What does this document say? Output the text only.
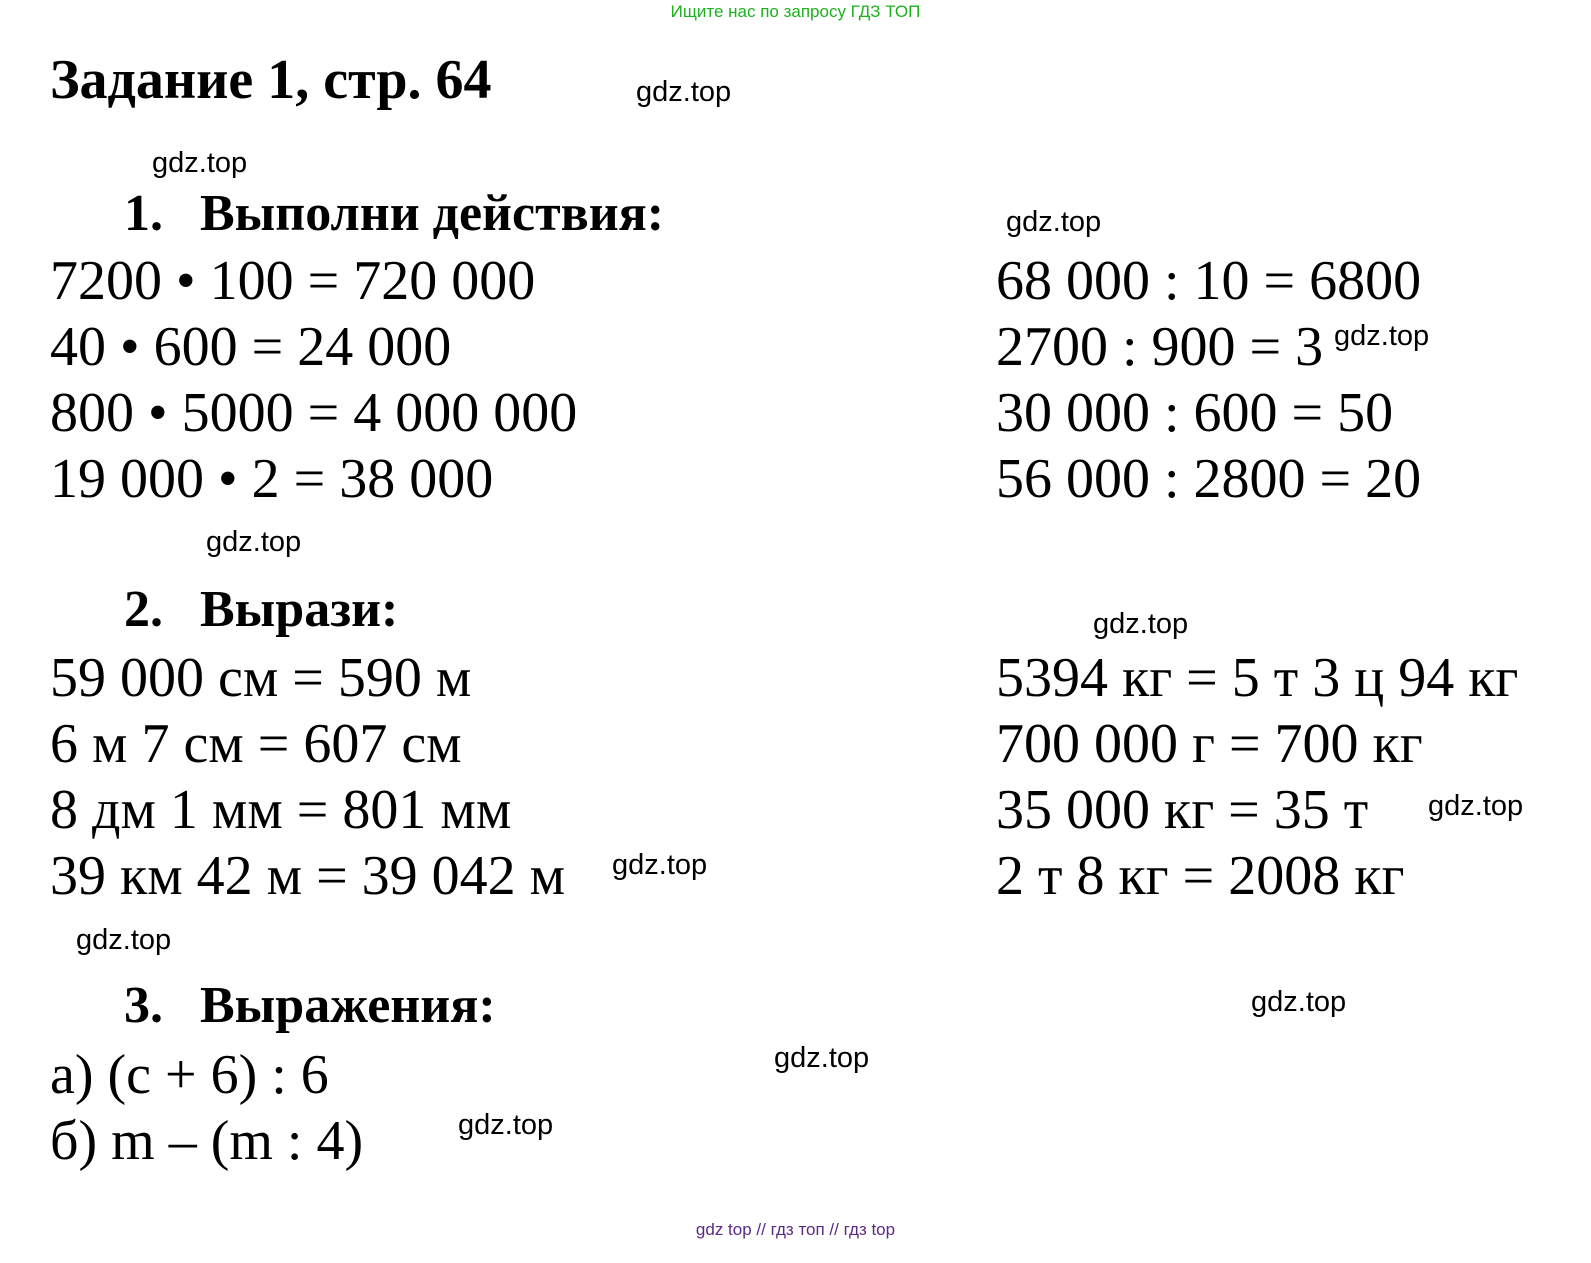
Ищите нас по запросу ГДЗ ТОП
Задание 1, стр. 64
1. Выполни действия:
7200 • 100 = 720 000
40 • 600 = 24 000
800 • 5000 = 4 000 000
19 000 • 2 = 38 000
68 000 : 10 = 6800
2700 : 900 = 3
30 000 : 600 = 50
56 000 : 2800 = 20
2. Вырази:
59 000 см = 590 м
6 м 7 см = 607 см
8 дм 1 мм = 801 мм
39 км 42 м = 39 042 м
5394 кг = 5 т 3 ц 94 кг
700 000 г = 700 кг
35 000 кг = 35 т
2 т 8 кг = 2008 кг
3. Выражения:
а) (c + 6) : 6
б) m – (m : 4)
gdz.top
gdz.top
gdz.top
gdz.top
gdz.top
gdz.top
gdz.top
gdz.top
gdz.top
gdz.top
gdz.top
gdz.top
gdz top // гдз топ // гдз top
